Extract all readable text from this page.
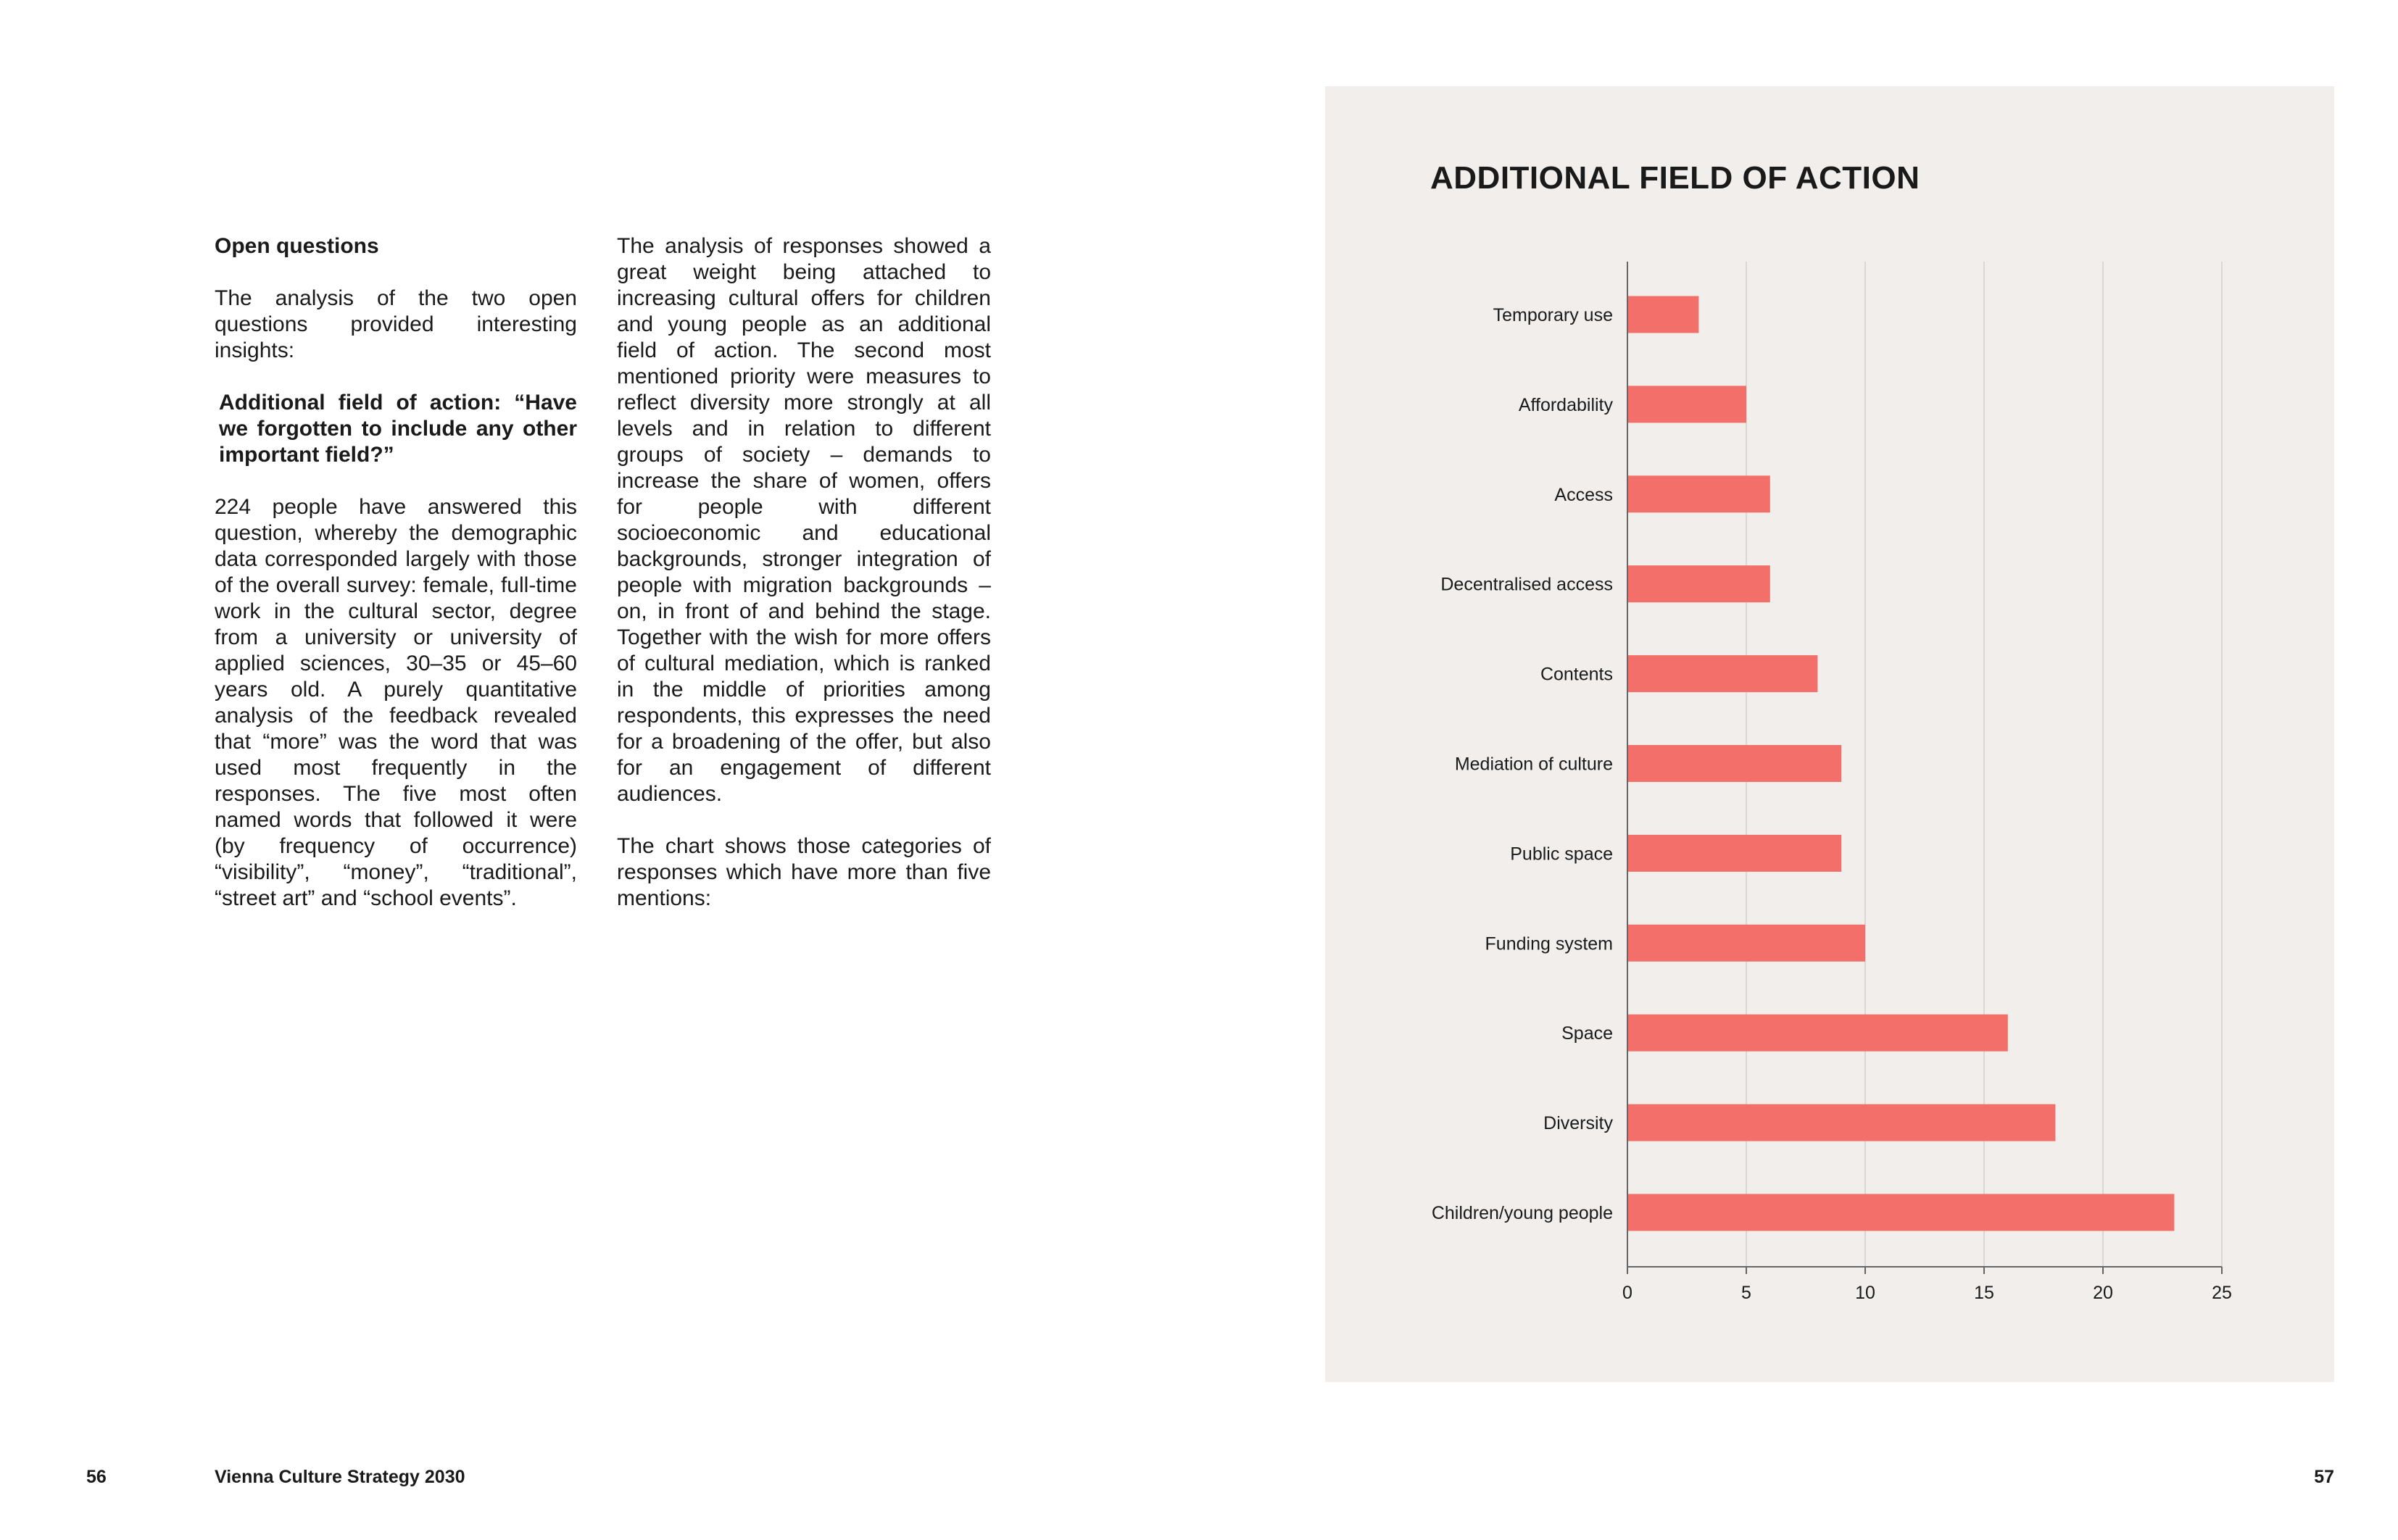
Open questions

The analysis of the two open questions provided interesting insights:

Additional field of action: “Have we forgotten to include any other important field?”

224 people have answered this question, whereby the demographic data corresponded largely with those of the overall survey: female, full-time work in the cultural sector, degree from a university or university of applied sciences, 30–35 or 45–60 years old. A purely quantitative analysis of the feedback revealed that “more” was the word that was used most frequently in the responses. The five most often named words that followed it were (by frequency of occurrence) “visibility”, “money”, “traditional”, “street art” and “school events”.

The analysis of responses showed a great weight being attached to increasing cultural offers for children and young people as an additional field of action. The second most mentioned priority were measures to reflect diversity more strongly at all levels and in relation to different groups of society – demands to increase the share of women, offers for people with different socioeconomic and educational backgrounds, stronger integration of people with migration backgrounds – on, in front of and behind the stage. Together with the wish for more offers of cultural mediation, which is ranked in the middle of priorities among respondents, this expresses the need for a broadening of the offer, but also for an engagement of different audiences.

The chart shows those categories of responses which have more than five mentions:

ADDITIONAL FIELD OF ACTION
0	5	10	15	20	25
Temporary use
Affordability
Access
Decentralised access
Contents
Mediation of culture
Public space
Funding system
Space
Diversity
Children/young people
56	Vienna Culture Strategy 2030	57
